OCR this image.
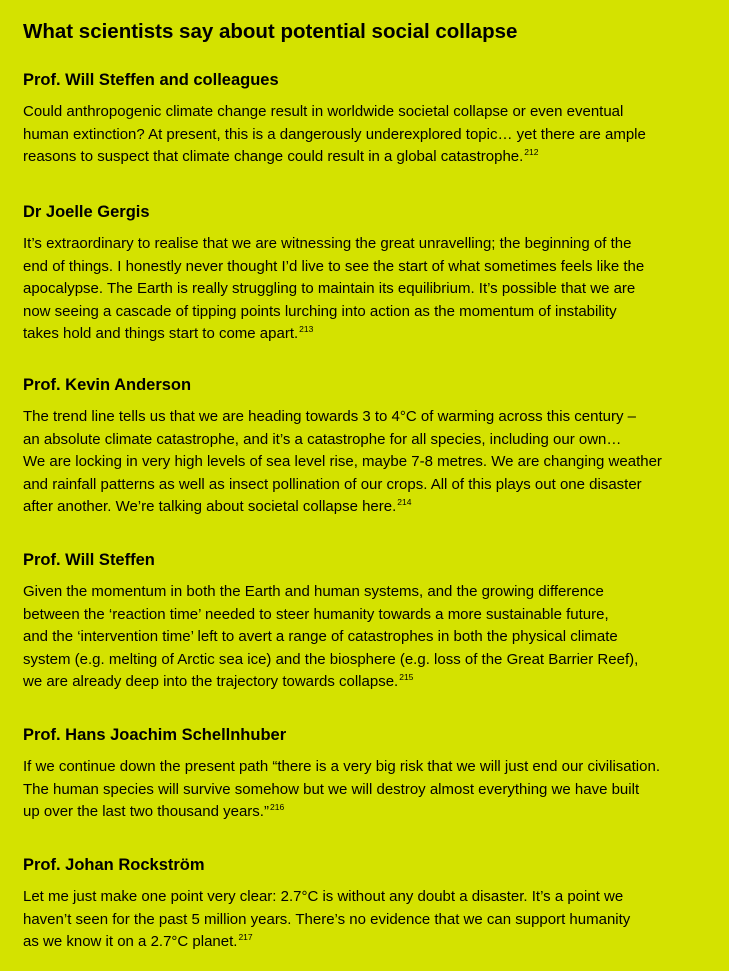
What scientists say about potential social collapse
Prof. Will Steffen and colleagues

Could anthropogenic climate change result in worldwide societal collapse or even eventual
human extinction? At present, this is a dangerously underexplored topic… yet there are ample
reasons to suspect that climate change could result in a global catastrophe.$^{212}$

Dr Joelle Gergis

It’s extraordinary to realise that we are witnessing the great unravelling; the beginning of the
end of things. I honestly never thought I’d live to see the start of what sometimes feels like the
apocalypse. The Earth is really struggling to maintain its equilibrium. It’s possible that we are
now seeing a cascade of tipping points lurching into action as the momentum of instability
takes hold and things start to come apart.$^{213}$

Prof. Kevin Anderson

The trend line tells us that we are heading towards 3 to 4°C of warming across this century –
an absolute climate catastrophe, and it’s a catastrophe for all species, including our own…
We are locking in very high levels of sea level rise, maybe 7-8 metres. We are changing weather
and rainfall patterns as well as insect pollination of our crops. All of this plays out one disaster
after another. We’re talking about societal collapse here.$^{214}$

Prof. Will Steffen

Given the momentum in both the Earth and human systems, and the growing difference
between the ‘reaction time’ needed to steer humanity towards a more sustainable future,
and the ‘intervention time’ left to avert a range of catastrophes in both the physical climate
system (e.g. melting of Arctic sea ice) and the biosphere (e.g. loss of the Great Barrier Reef),
we are already deep into the trajectory towards collapse.$^{215}$

Prof. Hans Joachim Schellnhuber

If we continue down the present path “there is a very big risk that we will just end our civilisation.
The human species will survive somehow but we will destroy almost everything we have built
up over the last two thousand years.”$^{216}$

Prof. Johan Rockström

Let me just make one point very clear: 2.7°C is without any doubt a disaster. It’s a point we
haven’t seen for the past 5 million years. There’s no evidence that we can support humanity
as we know it on a 2.7°C planet.$^{217}$
